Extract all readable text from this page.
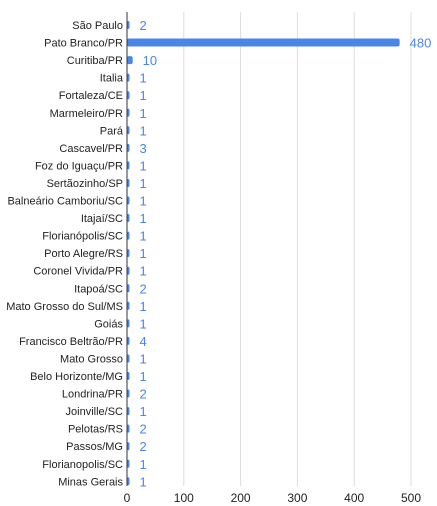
São Paulo
Pato Branco/PR
Curitiba/PR
Italia
Fortaleza/CE
Marmeleiro/PR
Pará
Cascavel/PR
Foz do Iguaçu/PR
Sertãozinho/SP
Balneário Camboriu/SC
Itajaí/SC
Florianópolis/SC
Porto Alegre/RS
Coronel Vivida/PR
Itapoá/SC
Mato Grosso do Sul/MS
Goiás
Francisco Beltrão/PR
Mato Grosso
Belo Horizonte/MG
Londrina/PR
Joinville/SC
Pelotas/RS
Passos/MG
Florianopolis/SC
Minas Gerais
2
480
10
1
1
1
1
3
1
1
1
1
1
1
1
2
1
1
4
1
1
2
1
2
2
1
1
0	100	200	300	400	500
